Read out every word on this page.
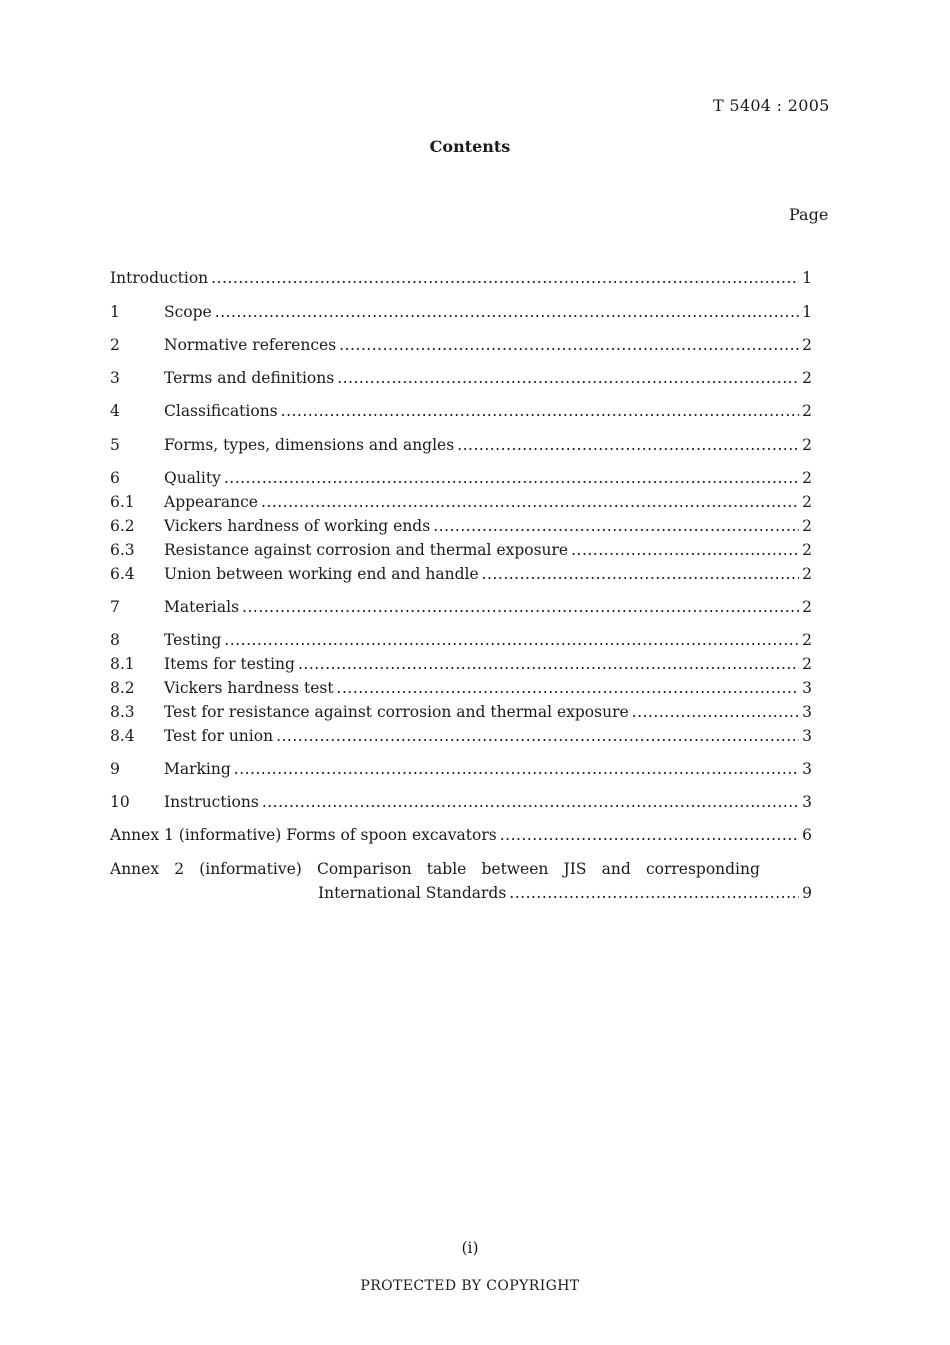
T 5404 : 2005
Contents
Page
Introduction .....	1
1	Scope .....	1
2	Normative references .....	2
3	Terms and definitions .....	2
4	Classifications .....	2
5	Forms, types, dimensions and angles .....	2
6	Quality .....	2
6.1	Appearance .....	2
6.2	Vickers hardness of working ends .....	2
6.3	Resistance against corrosion and thermal exposure .....	2
6.4	Union between working end and handle .....	2
7	Materials .....	2
8	Testing .....	2
8.1	Items for testing .....	2
8.2	Vickers hardness test .....	3
8.3	Test for resistance against corrosion and thermal exposure .....	3
8.4	Test for union .....	3
9	Marking .....	3
10	Instructions .....	3
Annex 1 (informative) Forms of spoon excavators .....	6
Annex 2 (informative) Comparison table between JIS and corresponding
International Standards .....	9
(i)
PROTECTED BY COPYRIGHT
